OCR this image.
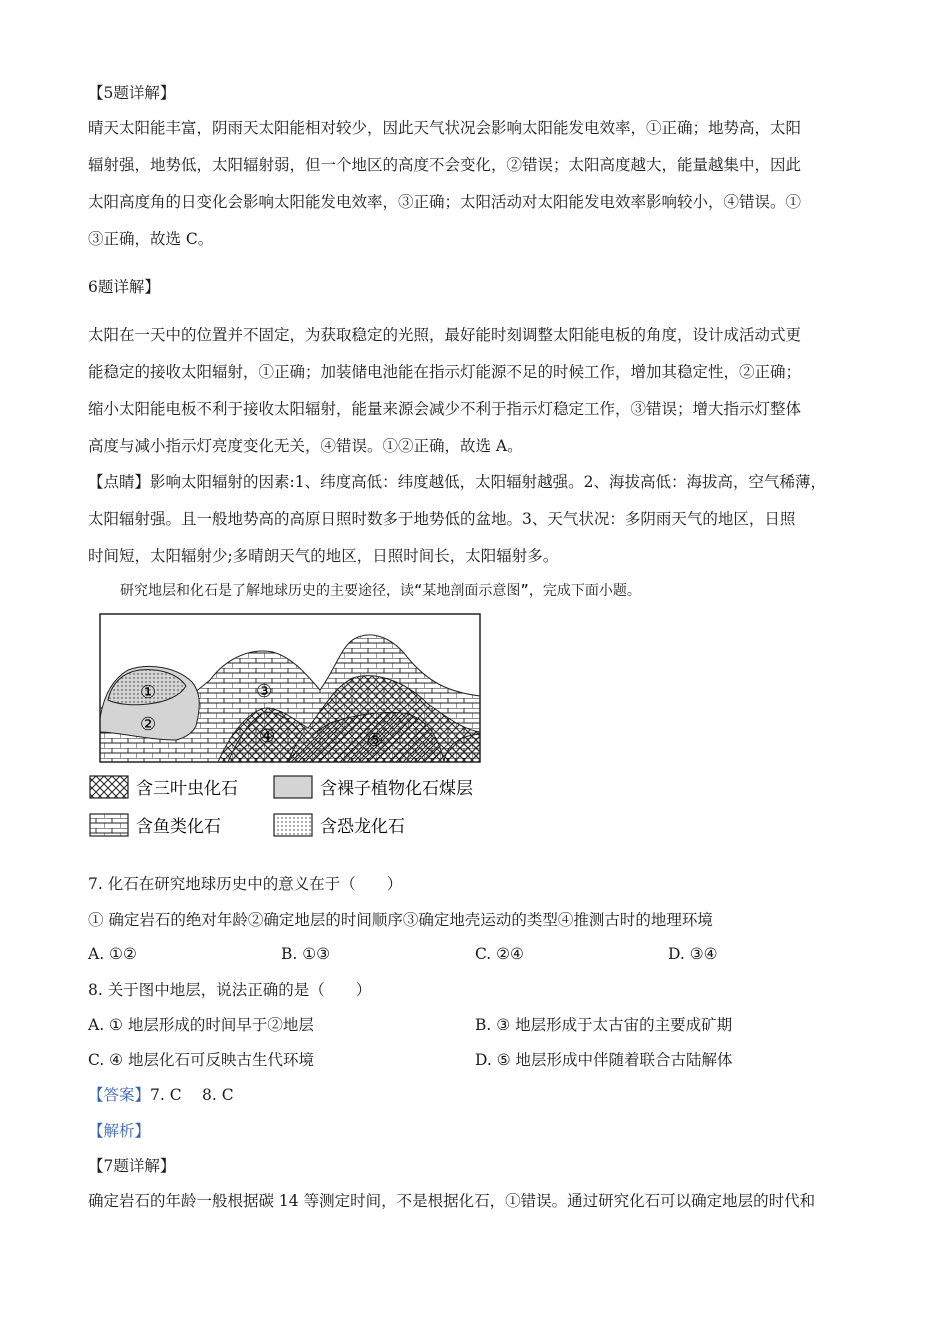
【5题详解】
晴天太阳能丰富，阴雨天太阳能相对较少，因此天气状况会影响太阳能发电效率，①正确；地势高，太阳
辐射强，地势低，太阳辐射弱，但一个地区的高度不会变化，②错误；太阳高度越大，能量越集中，因此
太阳高度角的日变化会影响太阳能发电效率，③正确；太阳活动对太阳能发电效率影响较小，④错误。①
③正确，故选 C。
6题详解】
太阳在一天中的位置并不固定，为获取稳定的光照，最好能时刻调整太阳能电板的角度，设计成活动式更
能稳定的接收太阳辐射，①正确；加装储电池能在指示灯能源不足的时候工作，增加其稳定性，②正确；
缩小太阳能电板不利于接收太阳辐射，能量来源会减少不利于指示灯稳定工作，③错误；增大指示灯整体
高度与减小指示灯亮度变化无关，④错误。①②正确，故选 A。
【点睛】影响太阳辐射的因素:1、纬度高低：纬度越低，太阳辐射越强。2、海拔高低：海拔高，空气稀薄，
太阳辐射强。且一般地势高的高原日照时数多于地势低的盆地。3、天气状况：多阴雨天气的地区，日照
时间短，太阳辐射少;多晴朗天气的地区，日照时间长，太阳辐射多。
研究地层和化石是了解地球历史的主要途径，读“某地剖面示意图”，完成下面小题。
①
②
③
④	⑤
含三叶虫化石	含裸子植物化石煤层
含鱼类化石	含恐龙化石
7. 化石在研究地球历史中的意义在于（　　）
① 确定岩石的绝对年龄②确定地层的时间顺序③确定地壳运动的类型④推测古时的地理环境
A. ①②	B. ①③	C. ②④	D. ③④
8. 关于图中地层，说法正确的是（　　）
A. ① 地层形成的时间早于②地层	B. ③ 地层形成于太古宙的主要成矿期
C. ④ 地层化石可反映古生代环境	D. ⑤ 地层形成中伴随着联合古陆解体
【答案】7. C　 8. C
【解析】
【7题详解】
确定岩石的年龄一般根据碳 14 等测定时间，不是根据化石，①错误。通过研究化石可以确定地层的时代和
